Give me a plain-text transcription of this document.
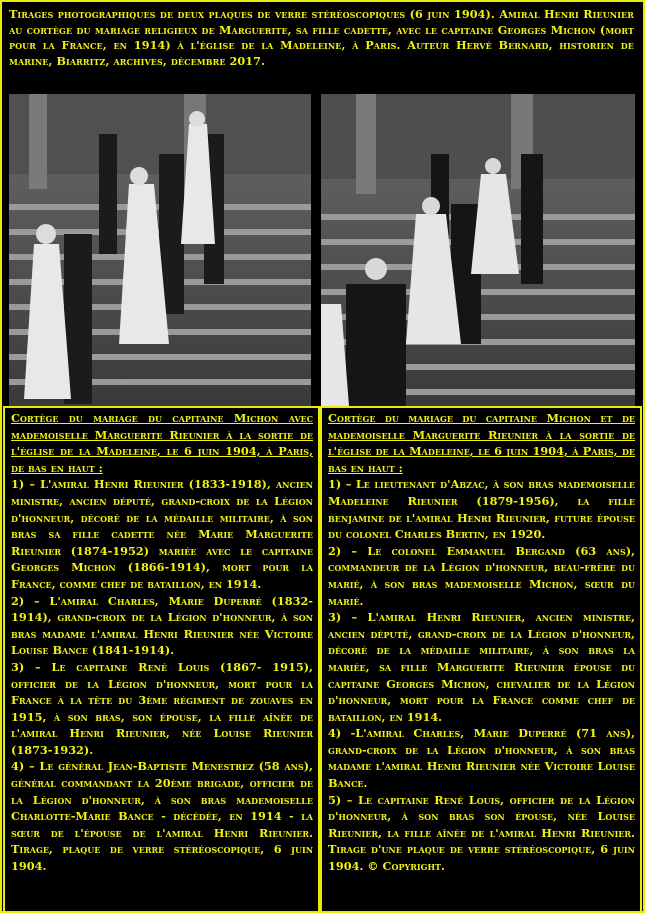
Tirages photographiques de deux plaques de verre stéréoscopiques (6 juin 1904). Amiral Henri Rieunier au cortège du mariage religieux de Marguerite, sa fille cadette, avec le capitaine Georges Michon (mort pour la France, en 1914) à l'église de la Madeleine, à Paris. Auteur Hervé Bernard, historien de marine, Biarritz, archives, décembre 2017.

Cortège du mariage du capitaine Michon avec mademoiselle Marguerite Rieunier à la sortie de l'église de la Madeleine, le 6 juin 1904, à Paris, de bas en haut :

1) – L'amiral Henri Rieunier (1833-1918), ancien ministre, ancien député, grand-croix de la Légion d'honneur, décoré de la médaille militaire, à son bras sa fille cadette née Marie Marguerite Rieunier (1874-1952) mariée avec le capitaine Georges Michon (1866-1914), mort pour la France, comme chef de bataillon, en 1914.

2) – L'amiral Charles, Marie Duperré (1832-1914), grand-croix de la Légion d'honneur, à son bras madame l'amiral Henri Rieunier née Victoire Louise Bance (1841-1914).

3) – Le capitaine René Louis (1867- 1915), officier de la Légion d'honneur, mort pour la France à la tête du 3ème régiment de zouaves en 1915, à son bras, son épouse, la fille aînée de l'amiral Henri Rieunier, née Louise Rieunier (1873-1932).

4) – Le général Jean-Baptiste Menestrez (58 ans), général commandant la 20ème brigade, officier de la Légion d'honneur, à son bras mademoiselle Charlotte-Marie Bance - décédée, en 1914 - la sœur de l'épouse de l'amiral Henri Rieunier. Tirage, plaque de verre stéréoscopique, 6 juin 1904.

Cortège du mariage du capitaine Michon et de mademoiselle Marguerite Rieunier à la sortie de l'église de la Madeleine, le 6 juin 1904, à Paris, de bas en haut :

1) – Le lieutenant d'Abzac, à son bras mademoiselle Madeleine Rieunier (1879-1956), la fille benjamine de l'amiral Henri Rieunier, future épouse du colonel Charles Bertin, en 1920.

2) – Le colonel Emmanuel Bergand (63 ans), commandeur de la Légion d'honneur, beau-frère du marié, à son bras mademoiselle Michon, sœur du marié.

3) – L'amiral Henri Rieunier, ancien ministre, ancien député, grand-croix de la Légion d'honneur, décoré de la médaille militaire, à son bras la mariée, sa fille Marguerite Rieunier épouse du capitaine Georges Michon, chevalier de la Légion d'honneur, mort pour la France comme chef de bataillon, en 1914.

4) -L'amiral Charles, Marie Duperré (71 ans), grand-croix de la Légion d'honneur, à son bras madame l'amiral Henri Rieunier née Victoire Louise Bance.

5) – Le capitaine René Louis, officier de la Légion d'honneur, à son bras son épouse, née Louise Rieunier, la fille aînée de l'amiral Henri Rieunier. Tirage d'une plaque de verre stéréoscopique, 6 juin 1904. © Copyright.
